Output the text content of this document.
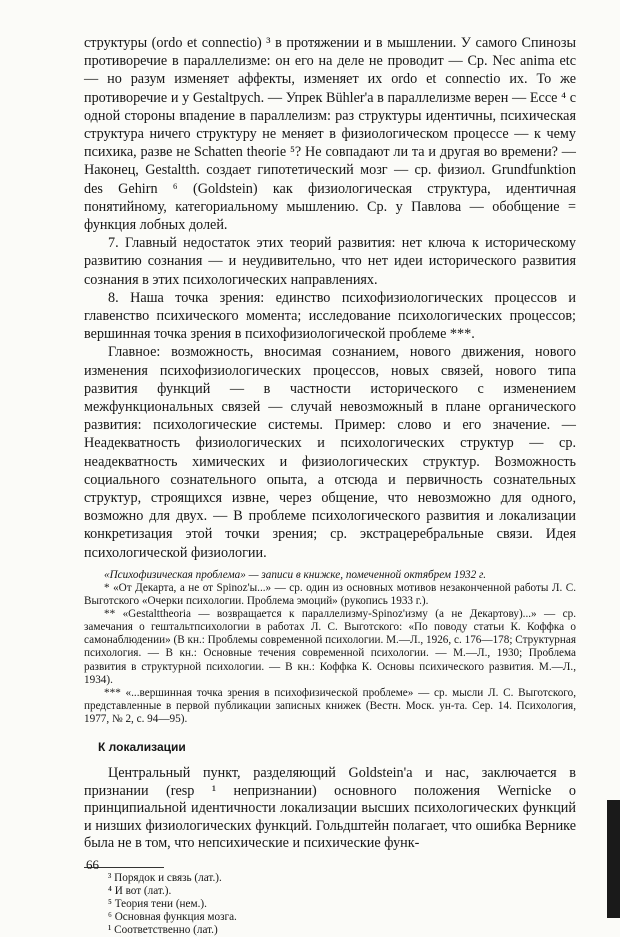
структуры (ordo et connectio) ³ в протяжении и в мышлении. У самого Спинозы противоречие в параллелизме: он его на деле не проводит — Ср. Nec anima etc — но разум изменяет аффекты, изменяет их ordo et connectio их. То же противоречие и у Gestaltpych. — Упрек Bühler'а в параллелизме верен — Ecce ⁴ с одной стороны впадение в параллелизм: раз структуры идентичны, психическая структура ничего структуру не меняет в физиологическом процессе — к чему психика, разве не Schatten theorie ⁵? Не совпадают ли та и другая во времени? — Наконец, Gestaltth. создает гипотетический мозг — ср. физиол. Grundfunktion des Gehirn ⁶ (Goldstein) как физиологическая структура, идентичная понятийному, категориальному мышлению. Ср. у Павлова — обобщение = функция лобных долей.

7. Главный недостаток этих теорий развития: нет ключа к историческому развитию сознания — и неудивительно, что нет идеи исторического развития сознания в этих психологических направлениях.

8. Наша точка зрения: единство психофизиологических процессов и главенство психического момента; исследование психологических процессов; вершинная точка зрения в психофизиологической проблеме ***.

Главное: возможность, вносимая сознанием, нового движения, нового изменения психофизиологических процессов, новых связей, нового типа развития функций — в частности исторического с изменением межфункциональных связей — случай невозможный в плане органического развития: психологические системы. Пример: слово и его значение. — Неадекватность физиологических и психологических структур — ср. неадекватность химических и физиологических структур. Возможность социального сознательного опыта, а отсюда и первичность сознательных структур, строящихся извне, через общение, что невозможно для одного, возможно для двух. — В проблеме психологического развития и локализации конкретизация этой точки зрения; ср. экстрацеребральные связи. Идея психологической физиологии.

«Психофизическая проблема» — записи в книжке, помеченной октябрем 1932 г.

* «От Декарта, а не от Spinoz'ы...» — ср. один из основных мотивов незаконченной работы Л. С. Выготского «Очерки психологии. Проблема эмоций» (рукопись 1933 г.).

** «Gestalttheoria — возвращается к параллелизму-Spinoz'изму (а не Декартову)...» — ср. замечания о гештальтпсихологии в работах Л. С. Выготского: «По поводу статьи К. Коффка о самонаблюдении» (В кн.: Проблемы современной психологии. М.—Л., 1926, с. 176—178; Структурная психология. — В кн.: Основные течения современной психологии. — М.—Л., 1930; Проблема развития в структурной психологии. — В кн.: Коффка К. Основы психического развития. М.—Л., 1934).

*** «...вершинная точка зрения в психофизической проблеме» — ср. мысли Л. С. Выготского, представленные в первой публикации записных книжек (Вестн. Моск. ун-та. Сер. 14. Психология, 1977, № 2, с. 94—95).

К локализации

Центральный пункт, разделяющий Goldstein'а и нас, заключается в признании (resp ¹ непризнании) основного положения Wernicke о принципиальной идентичности локализации высших психологических функций и низших физиологических функций. Гольдштейн полагает, что ошибка Вернике была не в том, что непсихические и психические функ-

³ Порядок и связь (лат.).

⁴ И вот (лат.).

⁵ Теория тени (нем.).

⁶ Основная функция мозга.

¹ Соответственно (лат.)

66
